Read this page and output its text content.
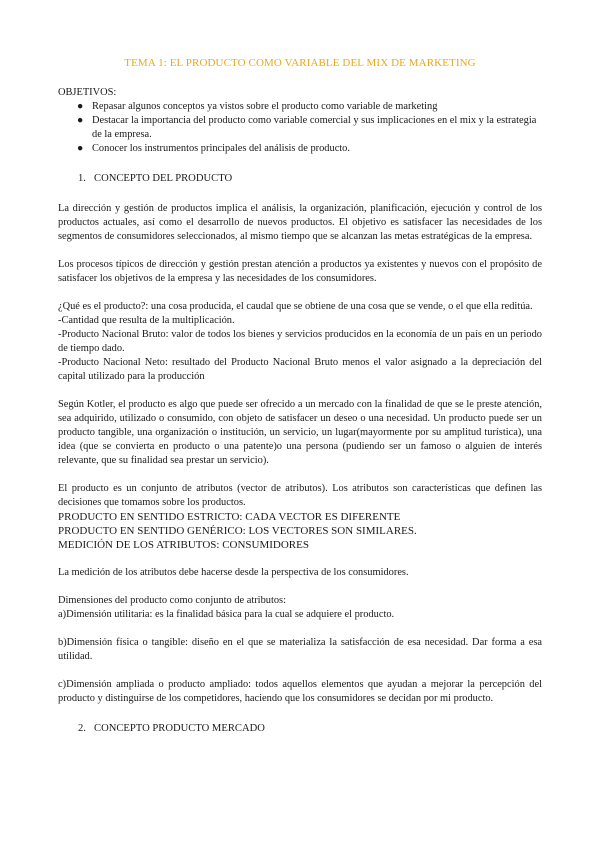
TEMA 1: EL PRODUCTO COMO VARIABLE DEL MIX DE MARKETING

OBJETIVOS:

● Repasar algunos conceptos ya vistos sobre el producto como variable de marketing
● Destacar la importancia del producto como variable comercial y sus implicaciones en el mix y la estrategia de la empresa.
● Conocer los instrumentos principales del análisis de producto.

1. CONCEPTO DEL PRODUCTO

La dirección y gestión de productos implica el análisis, la organización, planificación, ejecución y control de los productos actuales, así como el desarrollo de nuevos productos. El objetivo es satisfacer las necesidades de los segmentos de consumidores seleccionados, al mismo tiempo que se alcanzan las metas estratégicas de la empresa.

Los procesos típicos de dirección y gestión prestan atención a productos ya existentes y nuevos con el propósito de satisfacer los objetivos de la empresa y las necesidades de los consumidores.

¿Qué es el producto?: una cosa producida, el caudal que se obtiene de una cosa que se vende, o el que ella reditúa.

-Cantidad que resulta de la multiplicación.

-Producto Nacional Bruto: valor de todos los bienes y servicios producidos en la economía de un país en un periodo de tiempo dado.

-Producto Nacional Neto: resultado del Producto Nacional Bruto menos el valor asignado a la depreciación del capital utilizado para la producción

Según Kotler, el producto es algo que puede ser ofrecido a un mercado con la finalidad de que se le preste atención, sea adquirido, utilizado o consumido, con objeto de satisfacer un deseo o una necesidad. Un producto puede ser un producto tangible, una organización o institución, un servicio, un lugar(mayormente por su amplitud turística), una idea (que se convierta en producto o una patente)o una persona (pudiendo ser un famoso o alguien de interés relevante, que su finalidad sea prestar un servicio).

El producto es un conjunto de atributos (vector de atributos). Los atributos son características que definen las decisiones que tomamos sobre los productos.

PRODUCTO EN SENTIDO ESTRICTO: CADA VECTOR ES DIFERENTE

PRODUCTO EN SENTIDO GENÉRICO: LOS VECTORES SON SIMILARES.

MEDICIÓN DE LOS ATRIBUTOS: CONSUMIDORES

La medición de los atributos debe hacerse desde la perspectiva de los consumidores.

Dimensiones del producto como conjunto de atributos:

a)Dimensión utilitaria: es la finalidad básica para la cual se adquiere el producto.

b)Dimensión física o tangible: diseño en el que se materializa la satisfacción de esa necesidad. Dar forma a esa utilidad.

c)Dimensión ampliada o producto ampliado: todos aquellos elementos que ayudan a mejorar la percepción del producto y distinguirse de los competidores, haciendo que los consumidores se decidan por mi producto.

2. CONCEPTO PRODUCTO MERCADO
